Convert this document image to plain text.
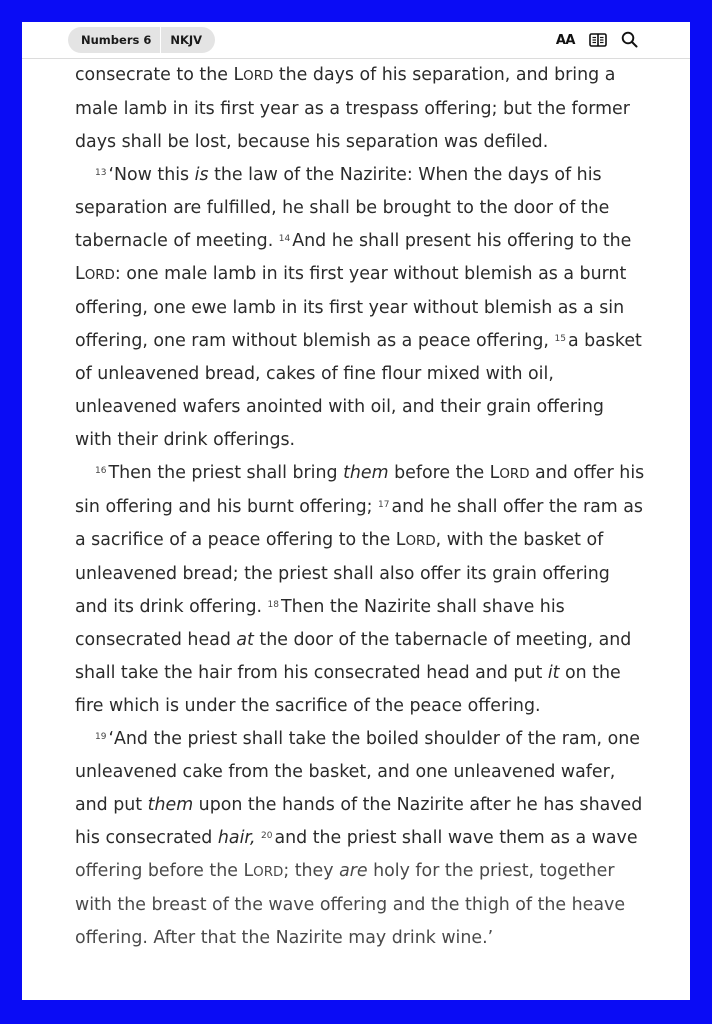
Numbers 6	NKJV	AA

consecrate to the LORD the days of his separation, and bring a male lamb in its first year as a trespass offering; but the former days shall be lost, because his separation was defiled.

$^{13}$ ‘Now this is the law of the Nazirite: When the days of his separation are fulfilled, he shall be brought to the door of the tabernacle of meeting. $^{14}$ And he shall present his offering to the LORD: one male lamb in its first year without blemish as a burnt offering, one ewe lamb in its first year without blemish as a sin offering, one ram without blemish as a peace offering, $^{15}$ a basket of unleavened bread, cakes of fine flour mixed with oil, unleavened wafers anointed with oil, and their grain offering with their drink offerings.

$^{16}$ Then the priest shall bring them before the LORD and offer his sin offering and his burnt offering; $^{17}$ and he shall offer the ram as a sacrifice of a peace offering to the LORD, with the basket of unleavened bread; the priest shall also offer its grain offering and its drink offering. $^{18}$ Then the Nazirite shall shave his consecrated head at the door of the tabernacle of meeting, and shall take the hair from his consecrated head and put it on the fire which is under the sacrifice of the peace offering.

$^{19}$ ‘And the priest shall take the boiled shoulder of the ram, one unleavened cake from the basket, and one unleavened wafer, and put them upon the hands of the Nazirite after he has shaved his consecrated hair, $^{20}$ and the priest shall wave them as a wave offering before the LORD; they are holy for the priest, together with the breast of the wave offering and the thigh of the heave offering. After that the Nazirite may drink wine.’
